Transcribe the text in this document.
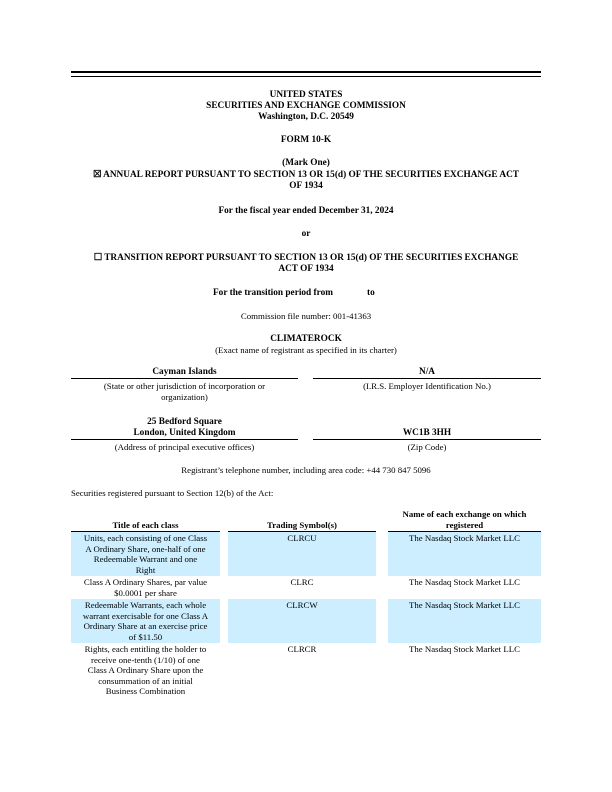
UNITED STATES
SECURITIES AND EXCHANGE COMMISSION
Washington, D.C. 20549
FORM 10-K
(Mark One)
☒ ANNUAL REPORT PURSUANT TO SECTION 13 OR 15(d) OF THE SECURITIES EXCHANGE ACT
OF 1934
For the fiscal year ended December 31, 2024
or
☐ TRANSITION REPORT PURSUANT TO SECTION 13 OR 15(d) OF THE SECURITIES EXCHANGE
ACT OF 1934
For the transition period from	to
Commission file number: 001-41363
CLIMATEROCK
(Exact name of registrant as specified in its charter)
Cayman Islands
(State or other jurisdiction of incorporation or
organization)
N/A
(I.R.S. Employer Identification No.)
25 Bedford Square
London, United Kingdom
(Address of principal executive offices)
WC1B 3HH
(Zip Code)
Registrant’s telephone number, including area code: +44 730 847 5096
Securities registered pursuant to Section 12(b) of the Act:
Title of each class		Trading Symbol(s)		Name of each exchange on which
registered
Units, each consisting of one Class
A Ordinary Share, one-half of one
Redeemable Warrant and one
Right		CLRCU		The Nasdaq Stock Market LLC
Class A Ordinary Shares, par value
$0.0001 per share		CLRC		The Nasdaq Stock Market LLC
Redeemable Warrants, each whole
warrant exercisable for one Class A
Ordinary Share at an exercise price
of $11.50		CLRCW		The Nasdaq Stock Market LLC
Rights, each entitling the holder to
receive one-tenth (1/10) of one
Class A Ordinary Share upon the
consummation of an initial
Business Combination		CLRCR		The Nasdaq Stock Market LLC
